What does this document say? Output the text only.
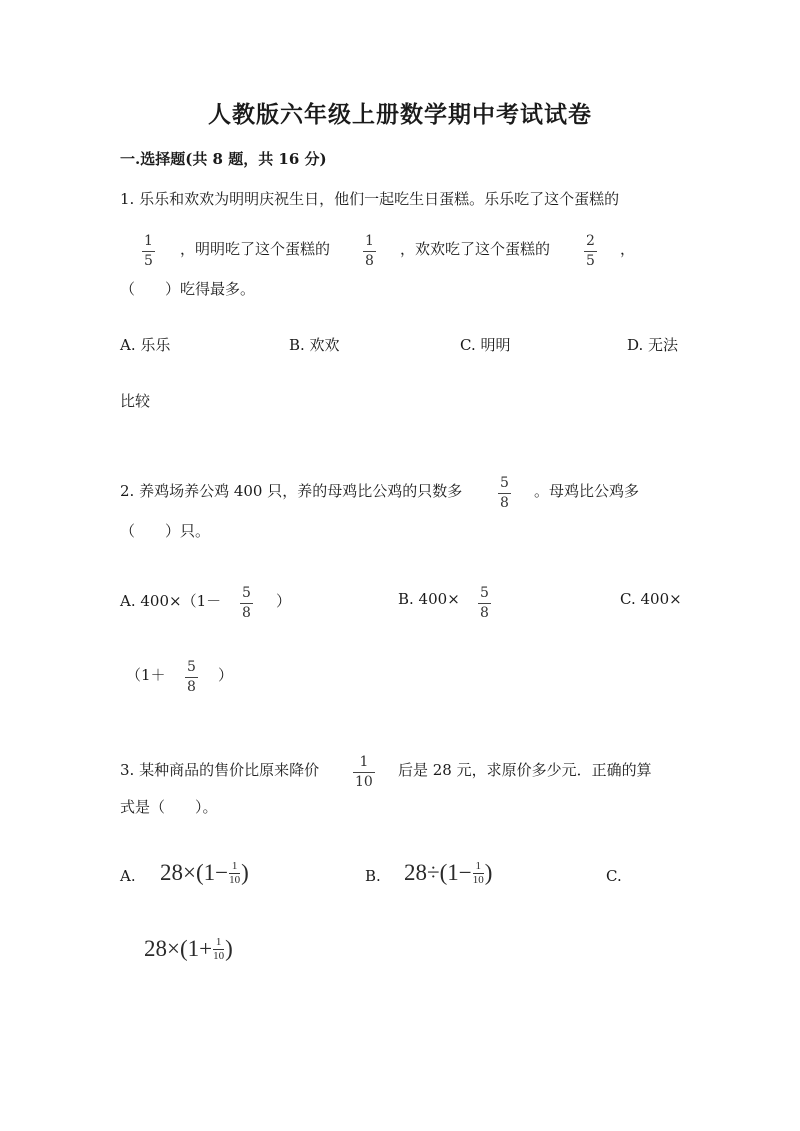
人教版六年级上册数学期中考试试卷
一.选择题(共 8 题，共 16 分)
1. 乐乐和欢欢为明明庆祝生日，他们一起吃生日蛋糕。乐乐吃了这个蛋糕的
1
5
，明明吃了这个蛋糕的 1
8
，欢欢吃了这个蛋糕的	2
5
，
（　　）吃得最多。
A. 乐乐	B. 欢欢	C. 明明	D. 无法
比较
2. 养鸡场养公鸡 400 只，养的母鸡比公鸡的只数多	5
8
。母鸡比公鸡多
（　　）只。
A. 400×（1－ 5
8
）	B. 400× 5
8
C. 400×
（1＋ 5
8
）
3. 某种商品的售价比原来降价	1
10
后是 28 元，求原价多少元．正确的算
式是（　　）。
A. 28×(1− 1
10 )	B. 28÷(1− 1
10 )	C.
28×(1+ 1
10 )
